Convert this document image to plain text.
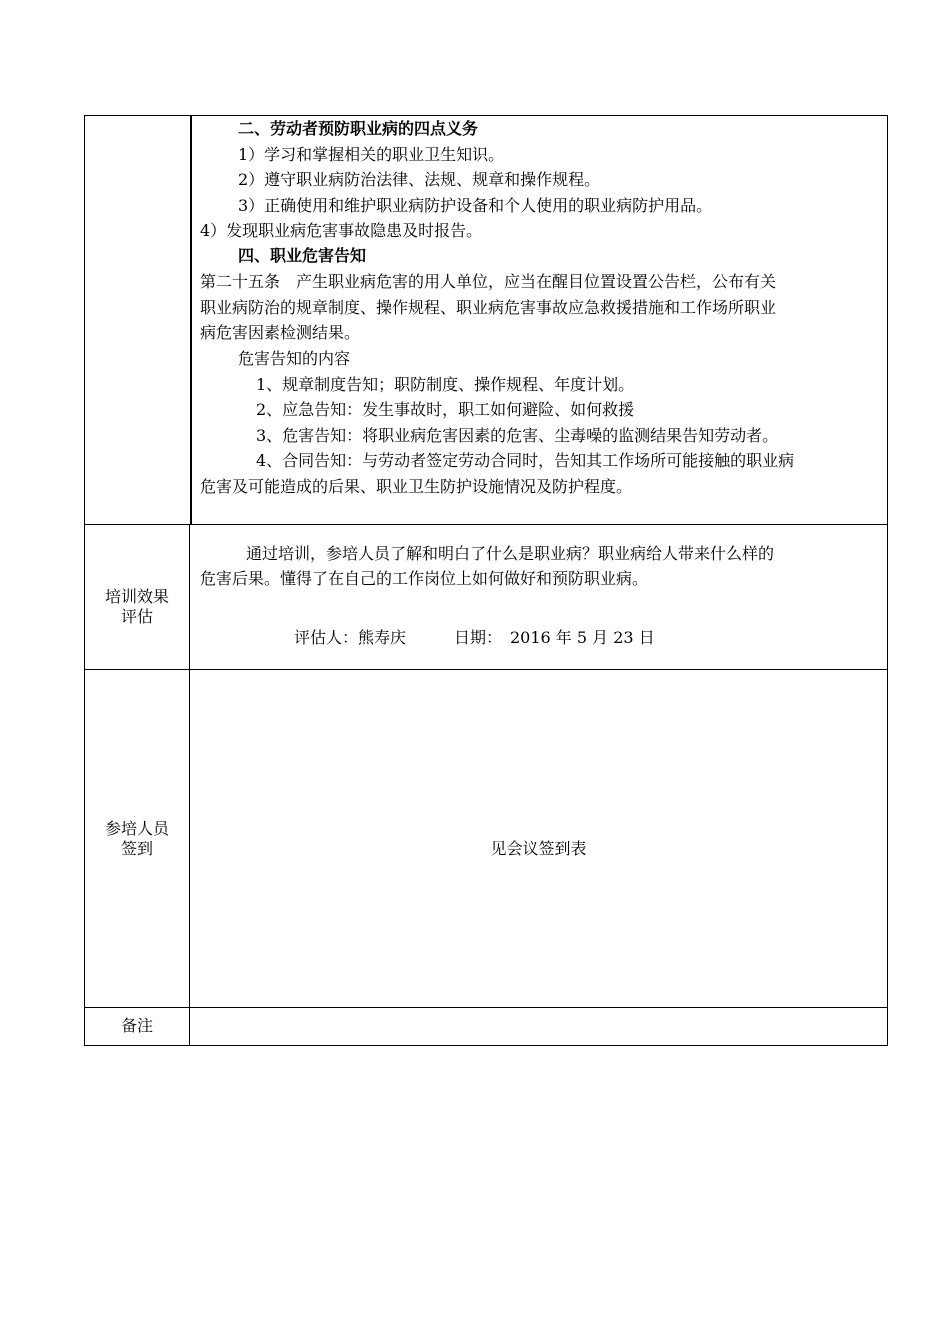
二、劳动者预防职业病的四点义务
1）学习和掌握相关的职业卫生知识。
2）遵守职业病防治法律、法规、规章和操作规程。
3）正确使用和维护职业病防护设备和个人使用的职业病防护用品。
4）发现职业病危害事故隐患及时报告。
四、职业危害告知
第二十五条　产生职业病危害的用人单位，应当在醒目位置设置公告栏，公布有关
职业病防治的规章制度、操作规程、职业病危害事故应急救援措施和工作场所职业
病危害因素检测结果。
危害告知的内容
1、规章制度告知；职防制度、操作规程、年度计划。
2、应急告知：发生事故时，职工如何避险、如何救援
3、危害告知：将职业病危害因素的危害、尘毒噪的监测结果告知劳动者。
4、合同告知：与劳动者签定劳动合同时，告知其工作场所可能接触的职业病
危害及可能造成的后果、职业卫生防护设施情况及防护程度。
培训效果
评估
通过培训，参培人员了解和明白了什么是职业病？职业病给人带来什么样的
危害后果。懂得了在自己的工作岗位上如何做好和预防职业病。
评估人：熊寿庆	日期：　2016 年 5 月 23 日
参培人员
签到	见会议签到表
备注
